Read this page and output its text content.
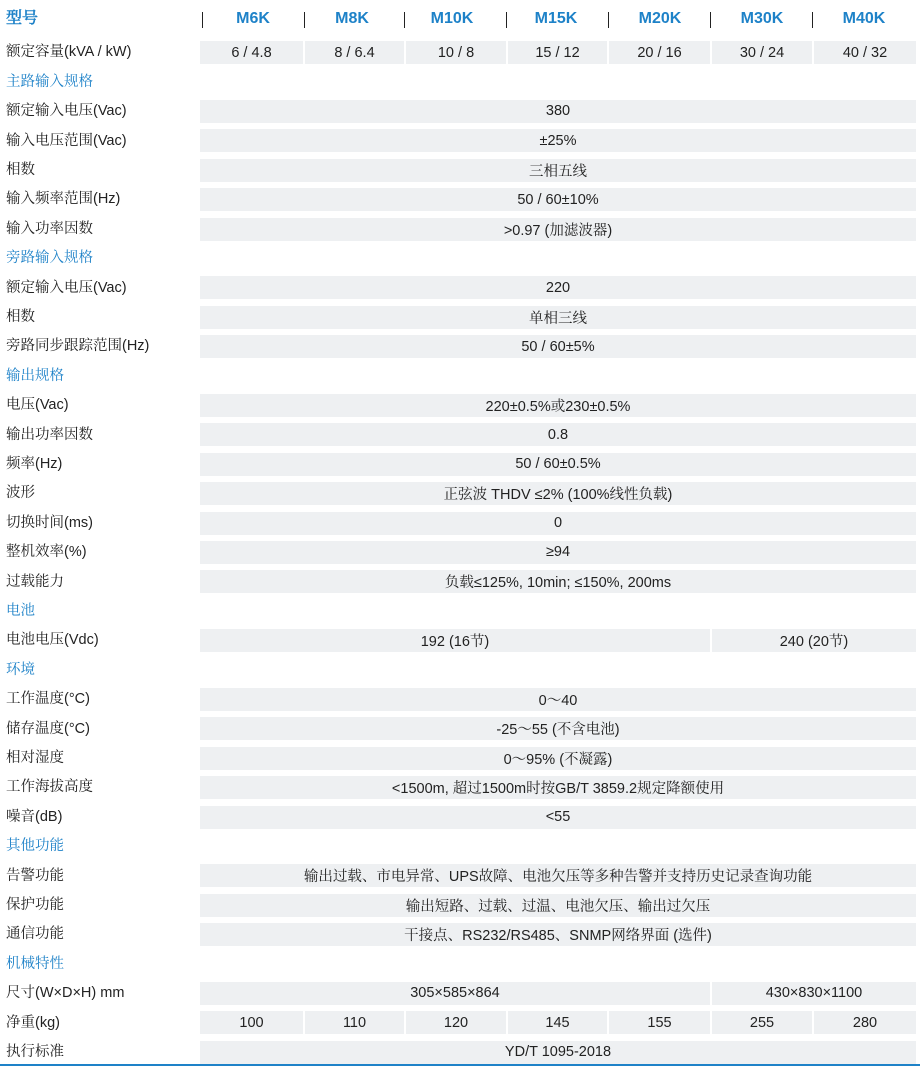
型号	M6K	M8K	M10K	M15K	M20K	M30K	M40K
额定容量(kVA / kW)	6 / 4.8	8 / 6.4	10 / 8	15 / 12	20 / 16	30 / 24	40 / 32
主路输入规格
额定输入电压(Vac)	380
输入电压范围(Vac)	±25%
相数	三相五线
输入频率范围(Hz)	50 / 60±10%
输入功率因数	>0.97 (加滤波器)
旁路输入规格
额定输入电压(Vac)	220
相数	单相三线
旁路同步跟踪范围(Hz)	50 / 60±5%
输出规格
电压(Vac)	220±0.5%或230±0.5%
输出功率因数	0.8
频率(Hz)	50 / 60±0.5%
波形	正弦波 THDV ≤2% (100%线性负载)
切换时间(ms)	0
整机效率(%)	≥94
过载能力	负载≤125%, 10min; ≤150%, 200ms
电池
电池电压(Vdc)	192 (16节)	240 (20节)
环境
工作温度(°C)	0～40
储存温度(°C)	-25～55 (不含电池)
相对湿度	0～95% (不凝露)
工作海拔高度	<1500m, 超过1500m时按GB/T 3859.2规定降额使用
噪音(dB)	<55
其他功能
告警功能	输出过载、市电异常、UPS故障、电池欠压等多种告警并支持历史记录查询功能
保护功能	输出短路、过载、过温、电池欠压、输出过欠压
通信功能	干接点、RS232/RS485、SNMP网络界面 (选件)
机械特性
尺寸(W×D×H) mm	305×585×864	430×830×1100
净重(kg)	100	110	120	145	155	255	280
执行标准	YD/T 1095-2018
